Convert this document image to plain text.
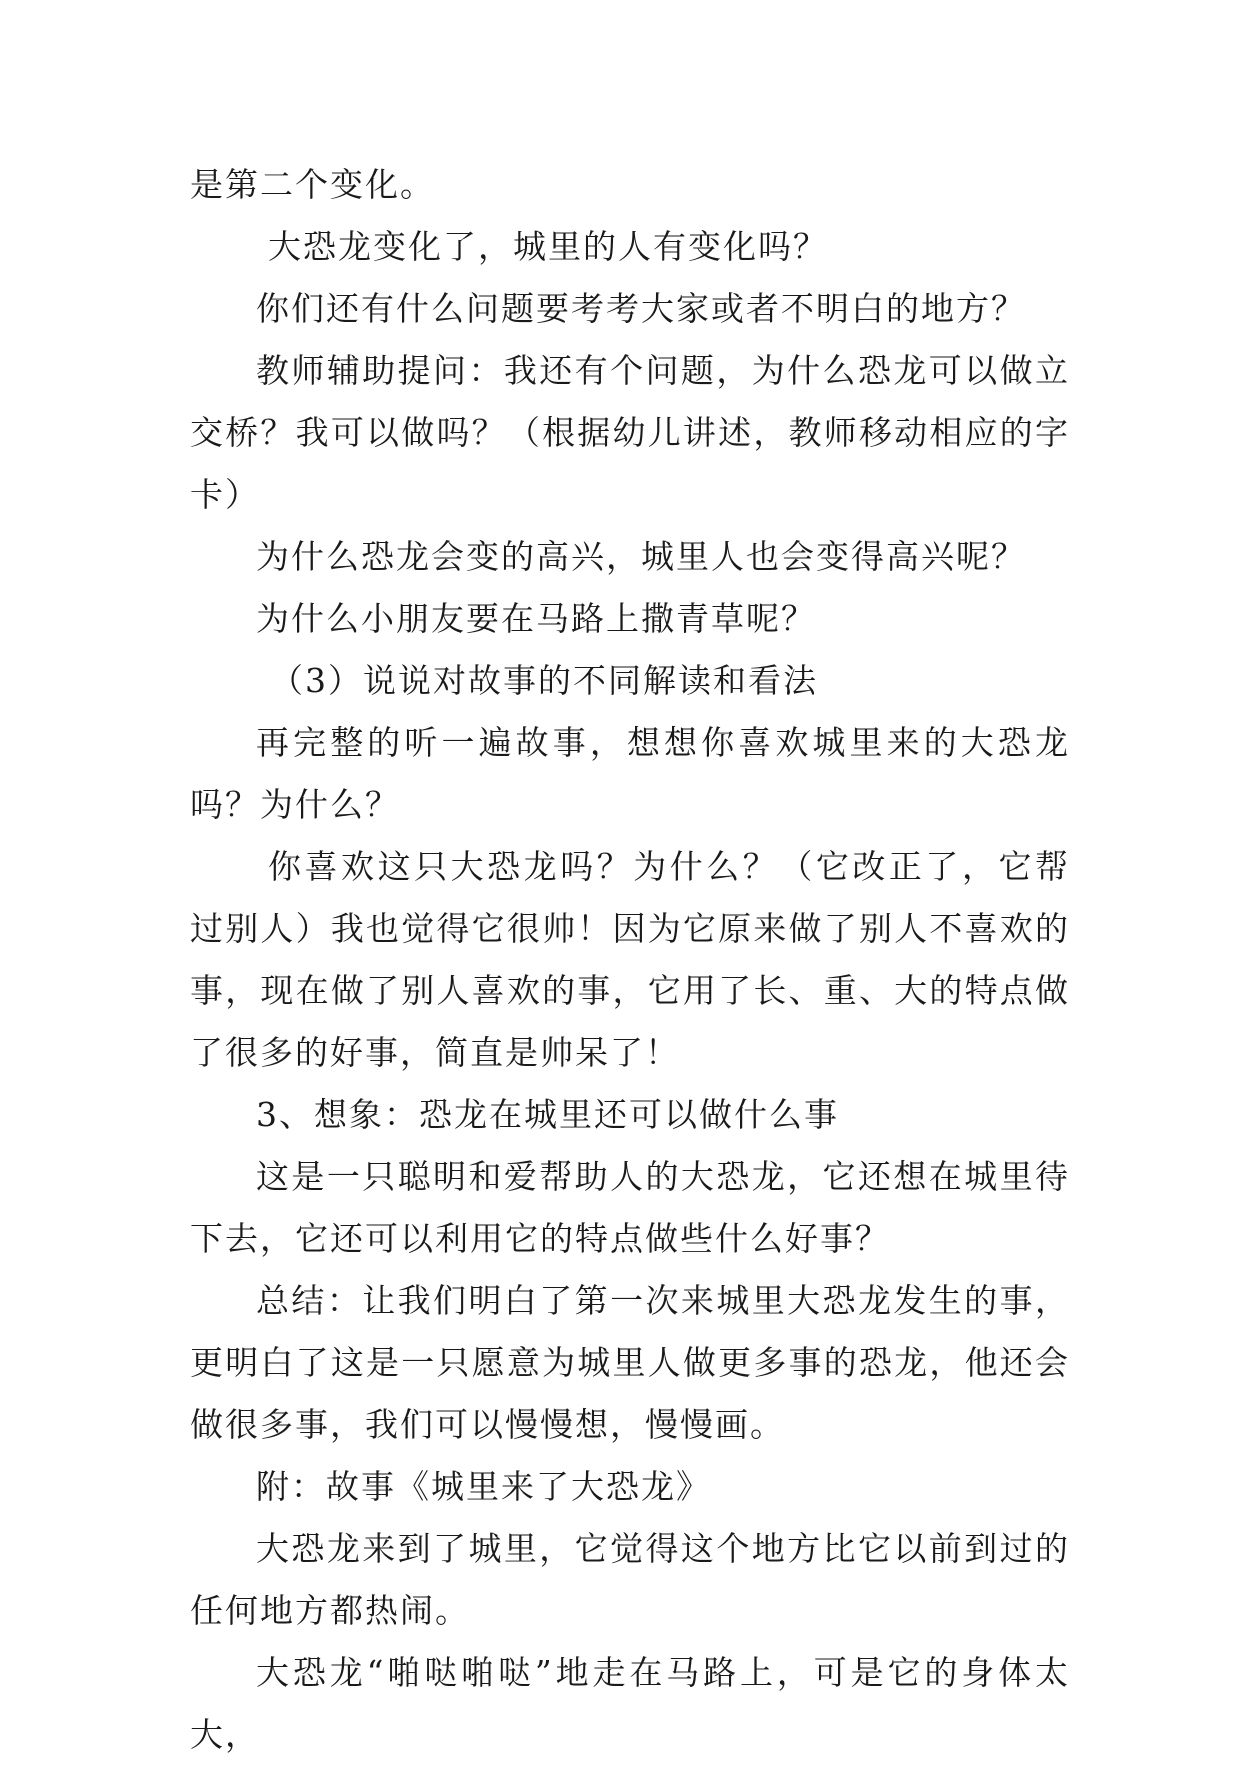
是第二个变化。

大恐龙变化了，城里的人有变化吗？

你们还有什么问题要考考大家或者不明白的地方？

教师辅助提问：我还有个问题，为什么恐龙可以做立交桥？我可以做吗？（根据幼儿讲述，教师移动相应的字卡）

为什么恐龙会变的高兴，城里人也会变得高兴呢？

为什么小朋友要在马路上撒青草呢？

（3）说说对故事的不同解读和看法

再完整的听一遍故事，想想你喜欢城里来的大恐龙吗？为什么？

你喜欢这只大恐龙吗？为什么？（它改正了，它帮过别人）我也觉得它很帅！因为它原来做了别人不喜欢的事，现在做了别人喜欢的事，它用了长、重、大的特点做了很多的好事，简直是帅呆了！

3、想象：恐龙在城里还可以做什么事

这是一只聪明和爱帮助人的大恐龙，它还想在城里待下去，它还可以利用它的特点做些什么好事？

总结：让我们明白了第一次来城里大恐龙发生的事，更明白了这是一只愿意为城里人做更多事的恐龙，他还会做很多事，我们可以慢慢想，慢慢画。

附：故事《城里来了大恐龙》

大恐龙来到了城里，它觉得这个地方比它以前到过的任何地方都热闹。

大恐龙“啪哒啪哒”地走在马路上，可是它的身体太大，
